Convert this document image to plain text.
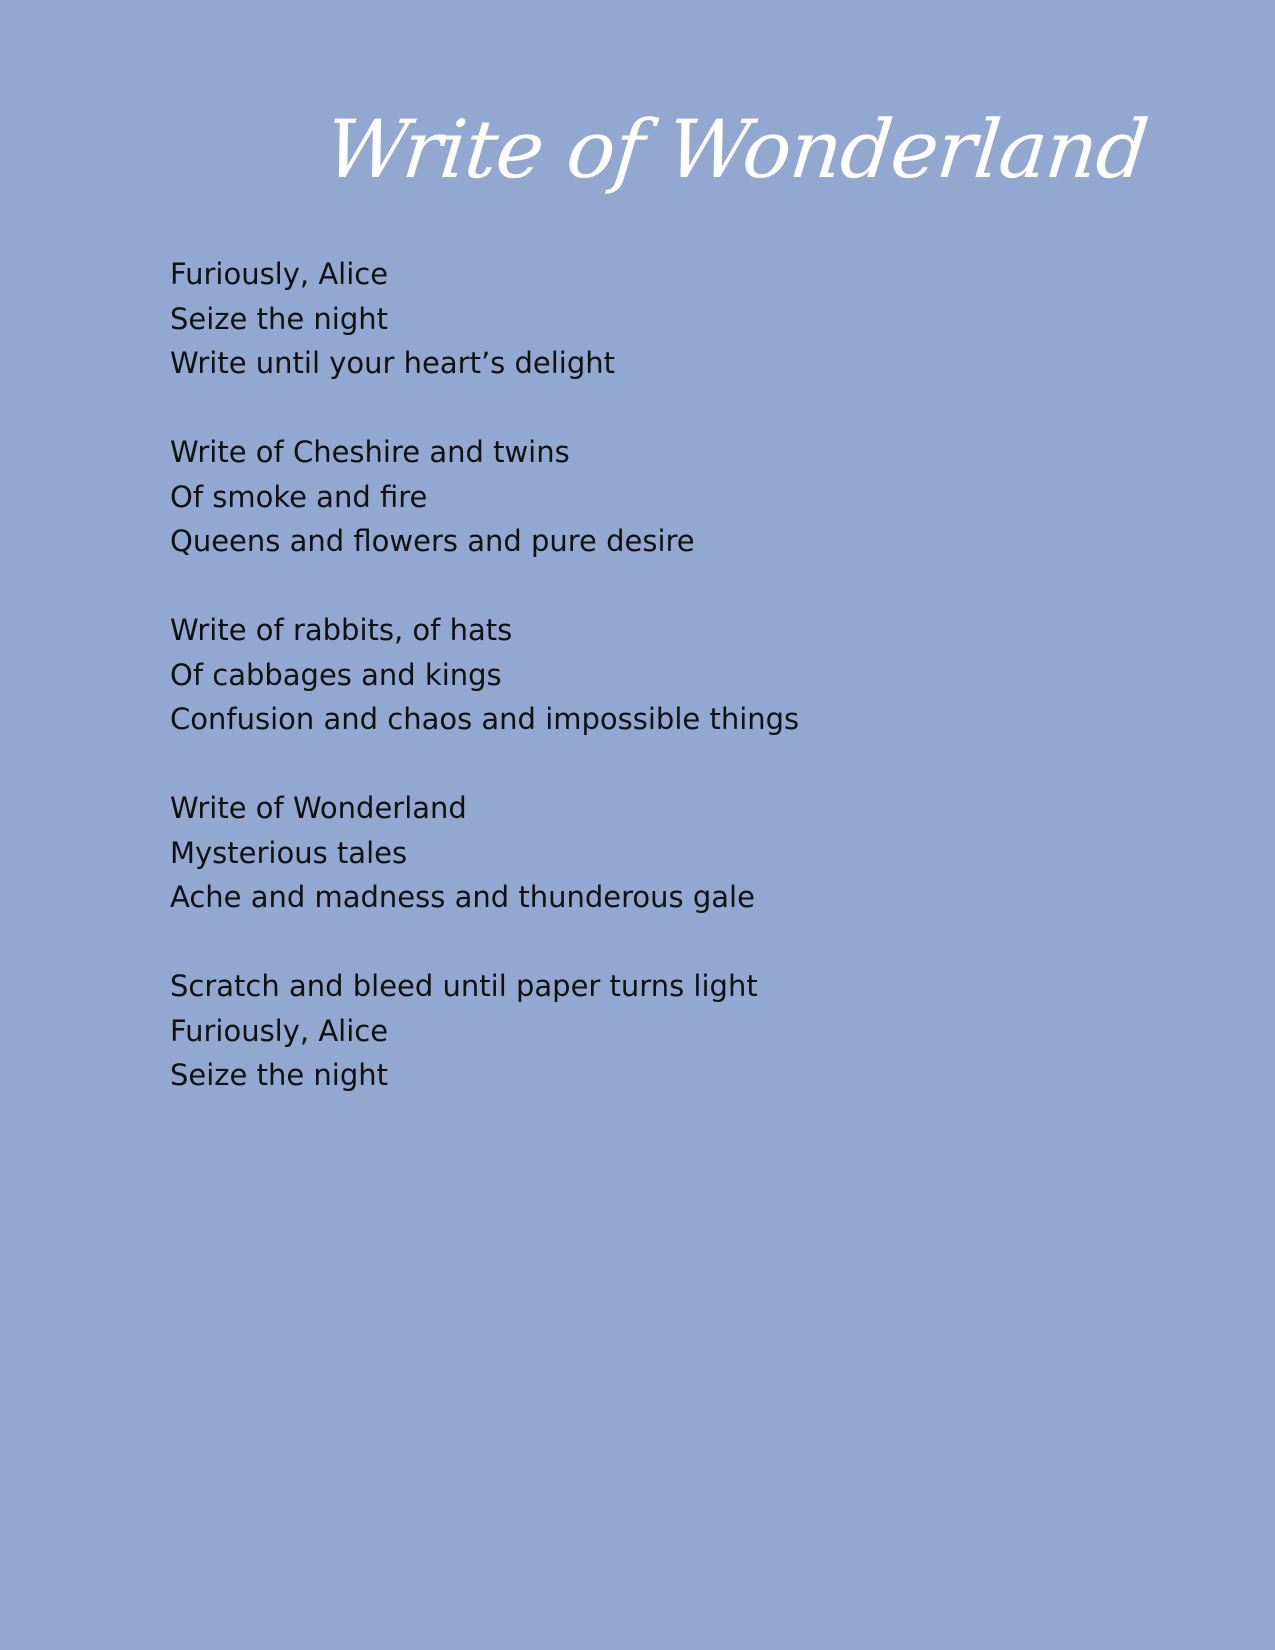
Write of Wonderland
Furiously, Alice
Seize the night
Write until your heart’s delight
Write of Cheshire and twins
Of smoke and fire
Queens and flowers and pure desire
Write of rabbits, of hats
Of cabbages and kings
Confusion and chaos and impossible things
Write of Wonderland
Mysterious tales
Ache and madness and thunderous gale
Scratch and bleed until paper turns light
Furiously, Alice
Seize the night
